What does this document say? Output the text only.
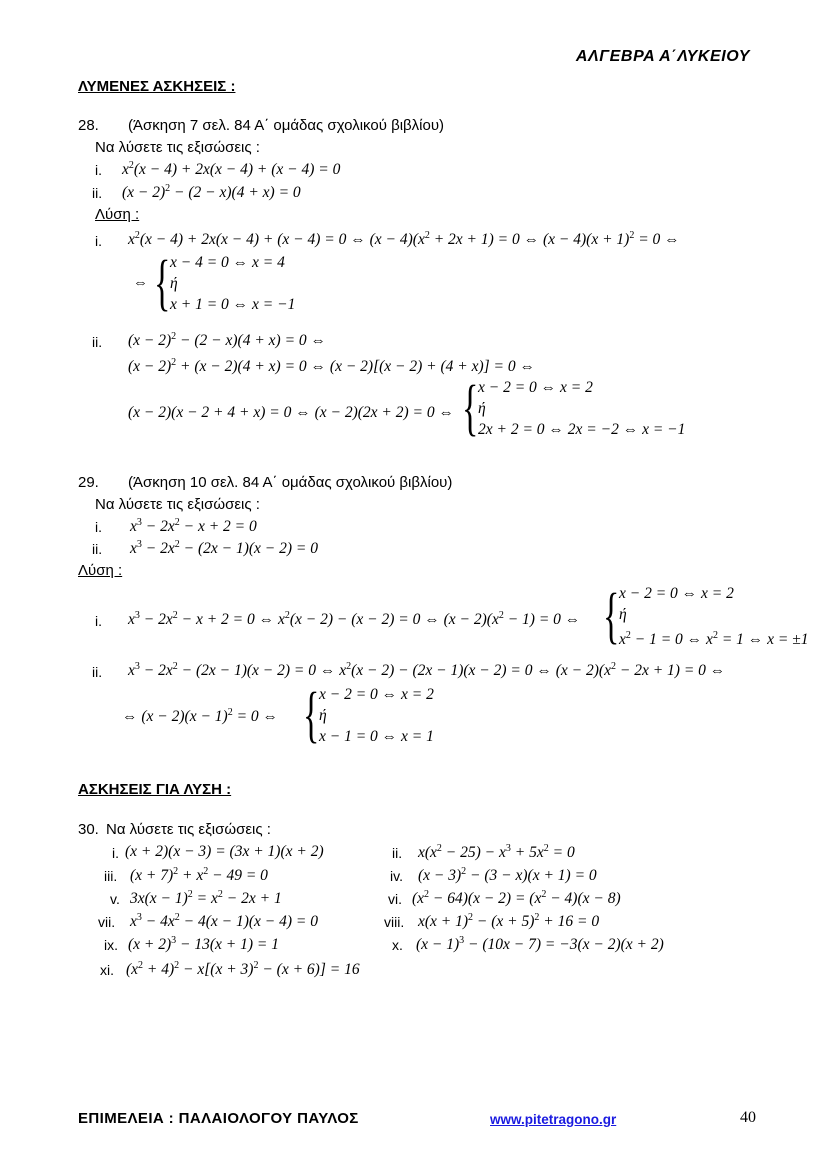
ΑΛΓΕΒΡΑ Α΄ΛΥΚΕΙΟΥ
ΛΥΜΕΝΕΣ ΑΣΚΗΣΕΙΣ :
28. (Άσκηση 7 σελ. 84 Α΄ ομάδας σχολικού βιβλίου)
Να λύσετε τις εξισώσεις :
i. $x^2(x - 4) + 2x(x - 4) + (x - 4) = 0$
ii. $(x - 2)^2 - (2 - x)(4 + x) = 0$
Λύση :
i. $x^2(x - 4) + 2x(x - 4) + (x - 4) = 0$ ⇔ $(x - 4)(x^2 + 2x + 1) = 0$ ⇔ $(x - 4)(x + 1)^2 = 0$ ⇔
⇔ { x − 4 = 0 ⇔ x = 4
ή
x + 1 = 0 ⇔ x = −1
ii. $(x - 2)^2 - (2 - x)(4 + x) = 0$ ⇔
$(x - 2)^2 + (x - 2)(4 + x) = 0$ ⇔ (x − 2)[(x − 2) + (4 + x)] = 0 ⇔
(x − 2)(x − 2 + 4 + x) = 0 ⇔ (x − 2)(2x + 2) = 0 ⇔ { x − 2 = 0 ⇔ x = 2
ή
2x + 2 = 0 ⇔ 2x = −2 ⇔ x = −1
29. (Άσκηση 10 σελ. 84 Α΄ ομάδας σχολικού βιβλίου)
Να λύσετε τις εξισώσεις :
i. $x^3 - 2x^2 - x + 2 = 0$
ii. $x^3 - 2x^2 - (2x - 1)(x - 2) = 0$
Λύση :
i. $x^3 - 2x^2 - x + 2 = 0$ ⇔ $x^2(x - 2) - (x - 2) = 0$ ⇔ $(x - 2)(x^2 - 1) = 0$ ⇔ { x − 2 = 0 ⇔ x = 2
ή
$x^2 - 1 = 0$ ⇔ $x^2 = 1$ ⇔ x = ±1
ii. $x^3 - 2x^2 - (2x - 1)(x - 2) = 0$ ⇔ $x^2(x - 2) - (2x - 1)(x - 2) = 0$ ⇔ $(x - 2)(x^2 - 2x + 1) = 0$ ⇔
⇔ $(x - 2)(x - 1)^2 = 0$ ⇔ { x − 2 = 0 ⇔ x = 2
ή
x − 1 = 0 ⇔ x = 1
ΑΣΚΗΣΕΙΣ ΓΙΑ ΛΥΣΗ :
30. Να λύσετε τις εξισώσεις :
i. (x + 2)(x − 3) = (3x + 1)(x + 2)
iii. $(x + 7)^2 + x^2 - 49 = 0$
v. $3x(x - 1)^2 = x^2 - 2x + 1$
vii. $x^3 - 4x^2 - 4(x - 1)(x - 4) = 0$
ix. $(x + 2)^3 - 13(x + 1) = 1$
xi. $(x^2 + 4)^2 - x[(x + 3)^2 - (x + 6)] = 16$
ii. $x(x^2 - 25) - x^3 + 5x^2 = 0$
iv. $(x - 3)^2 - (3 - x)(x + 1) = 0$
vi. $(x^2 - 64)(x - 2) = (x^2 - 4)(x - 8)$
viii. $x(x + 1)^2 - (x + 5)^2 + 16 = 0$
x. $(x - 1)^3 - (10x - 7) = -3(x - 2)(x + 2)$
ΕΠΙΜΕΛΕΙΑ : ΠΑΛΑΙΟΛΟΓΟΥ ΠΑΥΛΟΣ	www.pitetragono.gr	40
